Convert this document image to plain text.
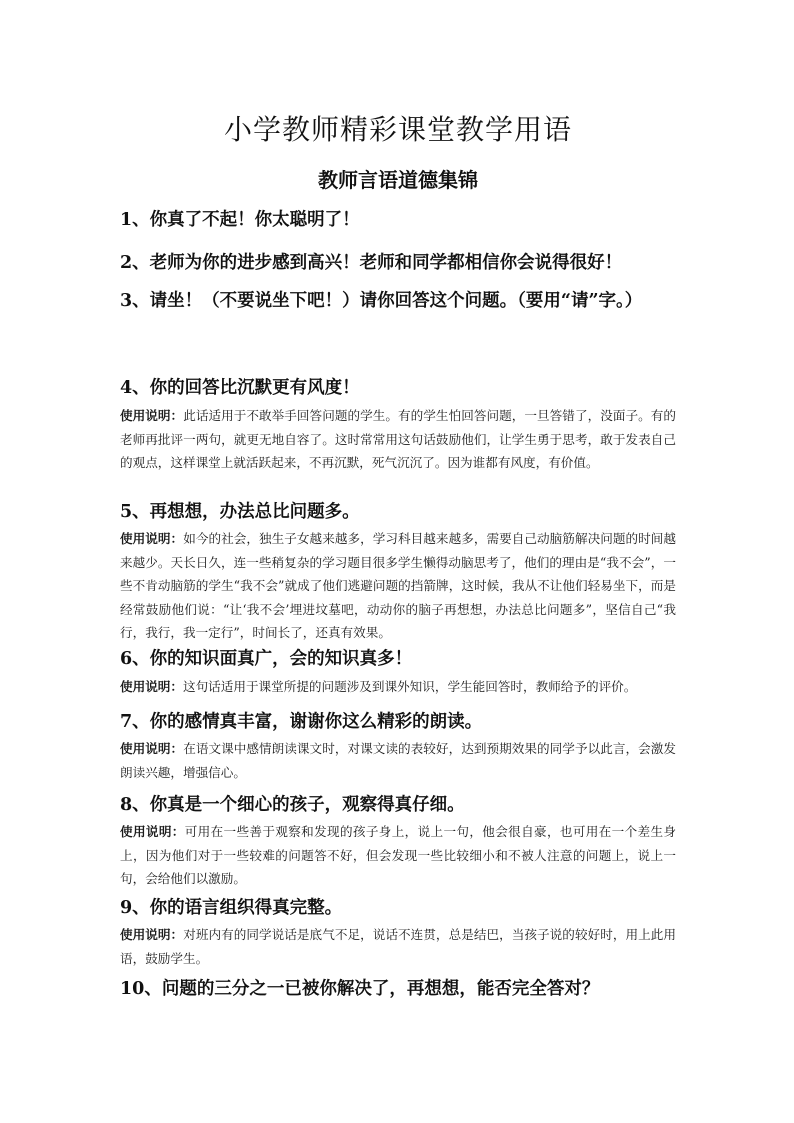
小学教师精彩课堂教学用语
教师言语道德集锦
1、你真了不起！你太聪明了！
2、老师为你的进步感到高兴！老师和同学都相信你会说得很好！
3、请坐！（不要说坐下吧！）请你回答这个问题。（要用“请”字。）
4、你的回答比沉默更有风度！
使用说明：此话适用于不敢举手回答问题的学生。有的学生怕回答问题，一旦答错了，没面子。有的老师再批评一两句，就更无地自容了。这时常常用这句话鼓励他们，让学生勇于思考，敢于发表自己的观点，这样课堂上就活跃起来，不再沉默，死气沉沉了。因为谁都有风度，有价值。
5、再想想，办法总比问题多。
使用说明：如今的社会，独生子女越来越多，学习科目越来越多，需要自己动脑筋解决问题的时间越来越少。天长日久，连一些稍复杂的学习题目很多学生懒得动脑思考了，他们的理由是“我不会”，一些不肯动脑筋的学生“我不会”就成了他们逃避问题的挡箭牌，这时候，我从不让他们轻易坐下，而是经常鼓励他们说：“让‘我不会’埋进坟墓吧，动动你的脑子再想想，办法总比问题多”，坚信自己“我行，我行，我一定行”，时间长了，还真有效果。
6、你的知识面真广，会的知识真多！
使用说明：这句话适用于课堂所提的问题涉及到课外知识，学生能回答时，教师给予的评价。
7、你的感情真丰富，谢谢你这么精彩的朗读。
使用说明：在语文课中感情朗读课文时，对课文读的表较好，达到预期效果的同学予以此言，会激发朗读兴趣，增强信心。
8、你真是一个细心的孩子，观察得真仔细。
使用说明：可用在一些善于观察和发现的孩子身上，说上一句，他会很自豪，也可用在一个差生身上，因为他们对于一些较难的问题答不好，但会发现一些比较细小和不被人注意的问题上，说上一句，会给他们以激励。
9、你的语言组织得真完整。
使用说明：对班内有的同学说话是底气不足，说话不连贯，总是结巴，当孩子说的较好时，用上此用语，鼓励学生。
10、问题的三分之一已被你解决了，再想想，能否完全答对？
